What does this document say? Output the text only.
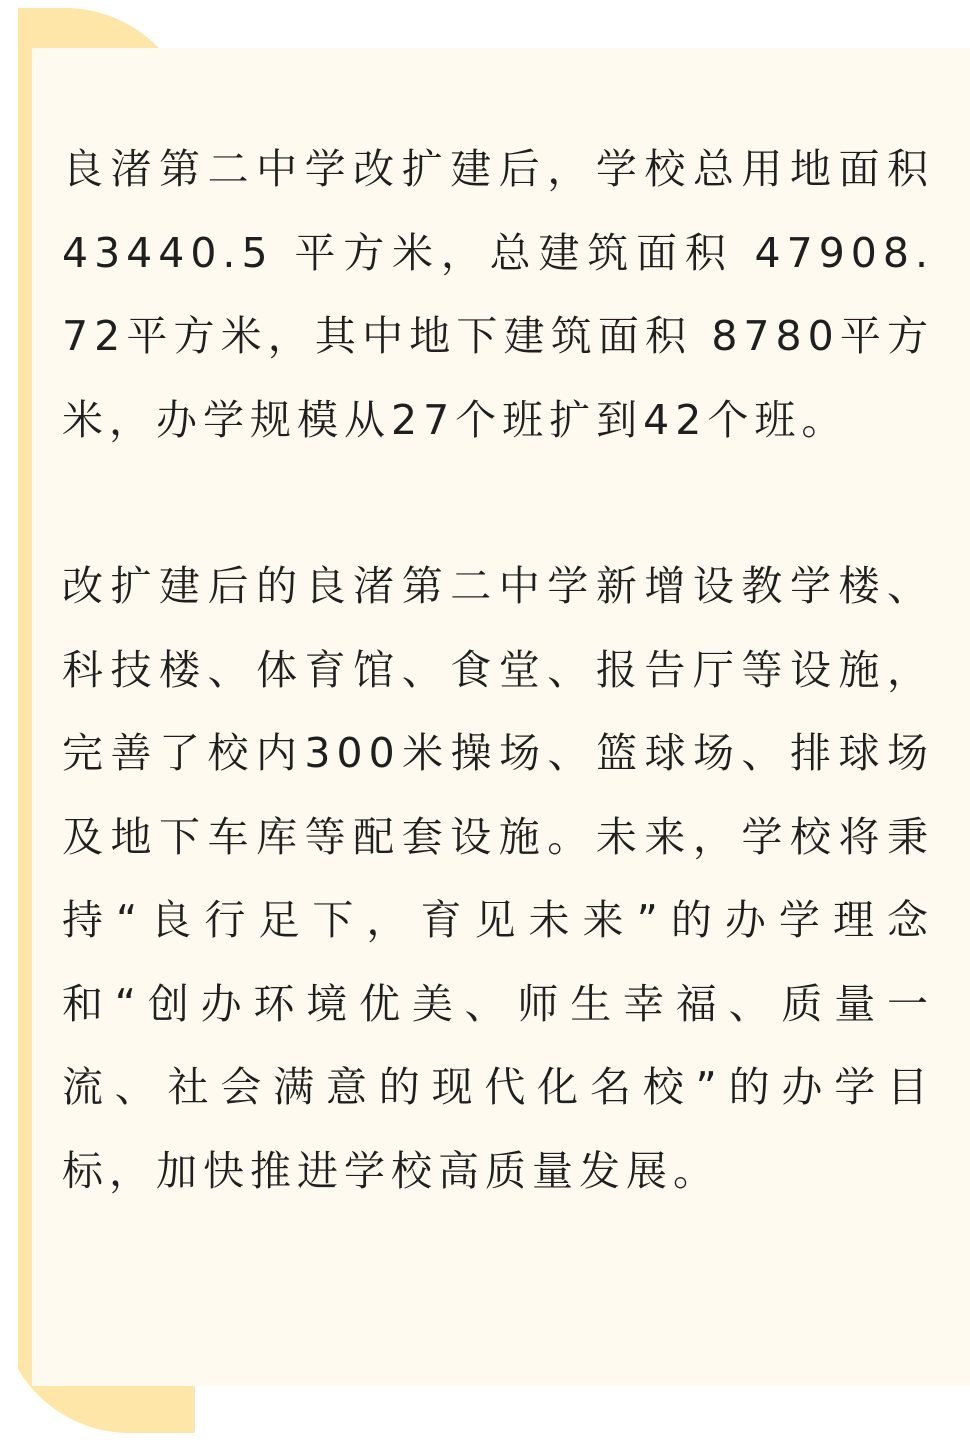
良渚第二中学改扩建后，学校总用地面积 43440.5 平方米，总建筑面积 47908.72平方米，其中地下建筑面积 8780平方米，办学规模从27个班扩到42个班。

改扩建后的良渚第二中学新增设教学楼、科技楼、体育馆、食堂、报告厅等设施，完善了校内300米操场、篮球场、排球场及地下车库等配套设施。未来，学校将秉持“良行足下，育见未来”的办学理念和“创办环境优美、师生幸福、质量一流、社会满意的现代化名校”的办学目标，加快推进学校高质量发展。
